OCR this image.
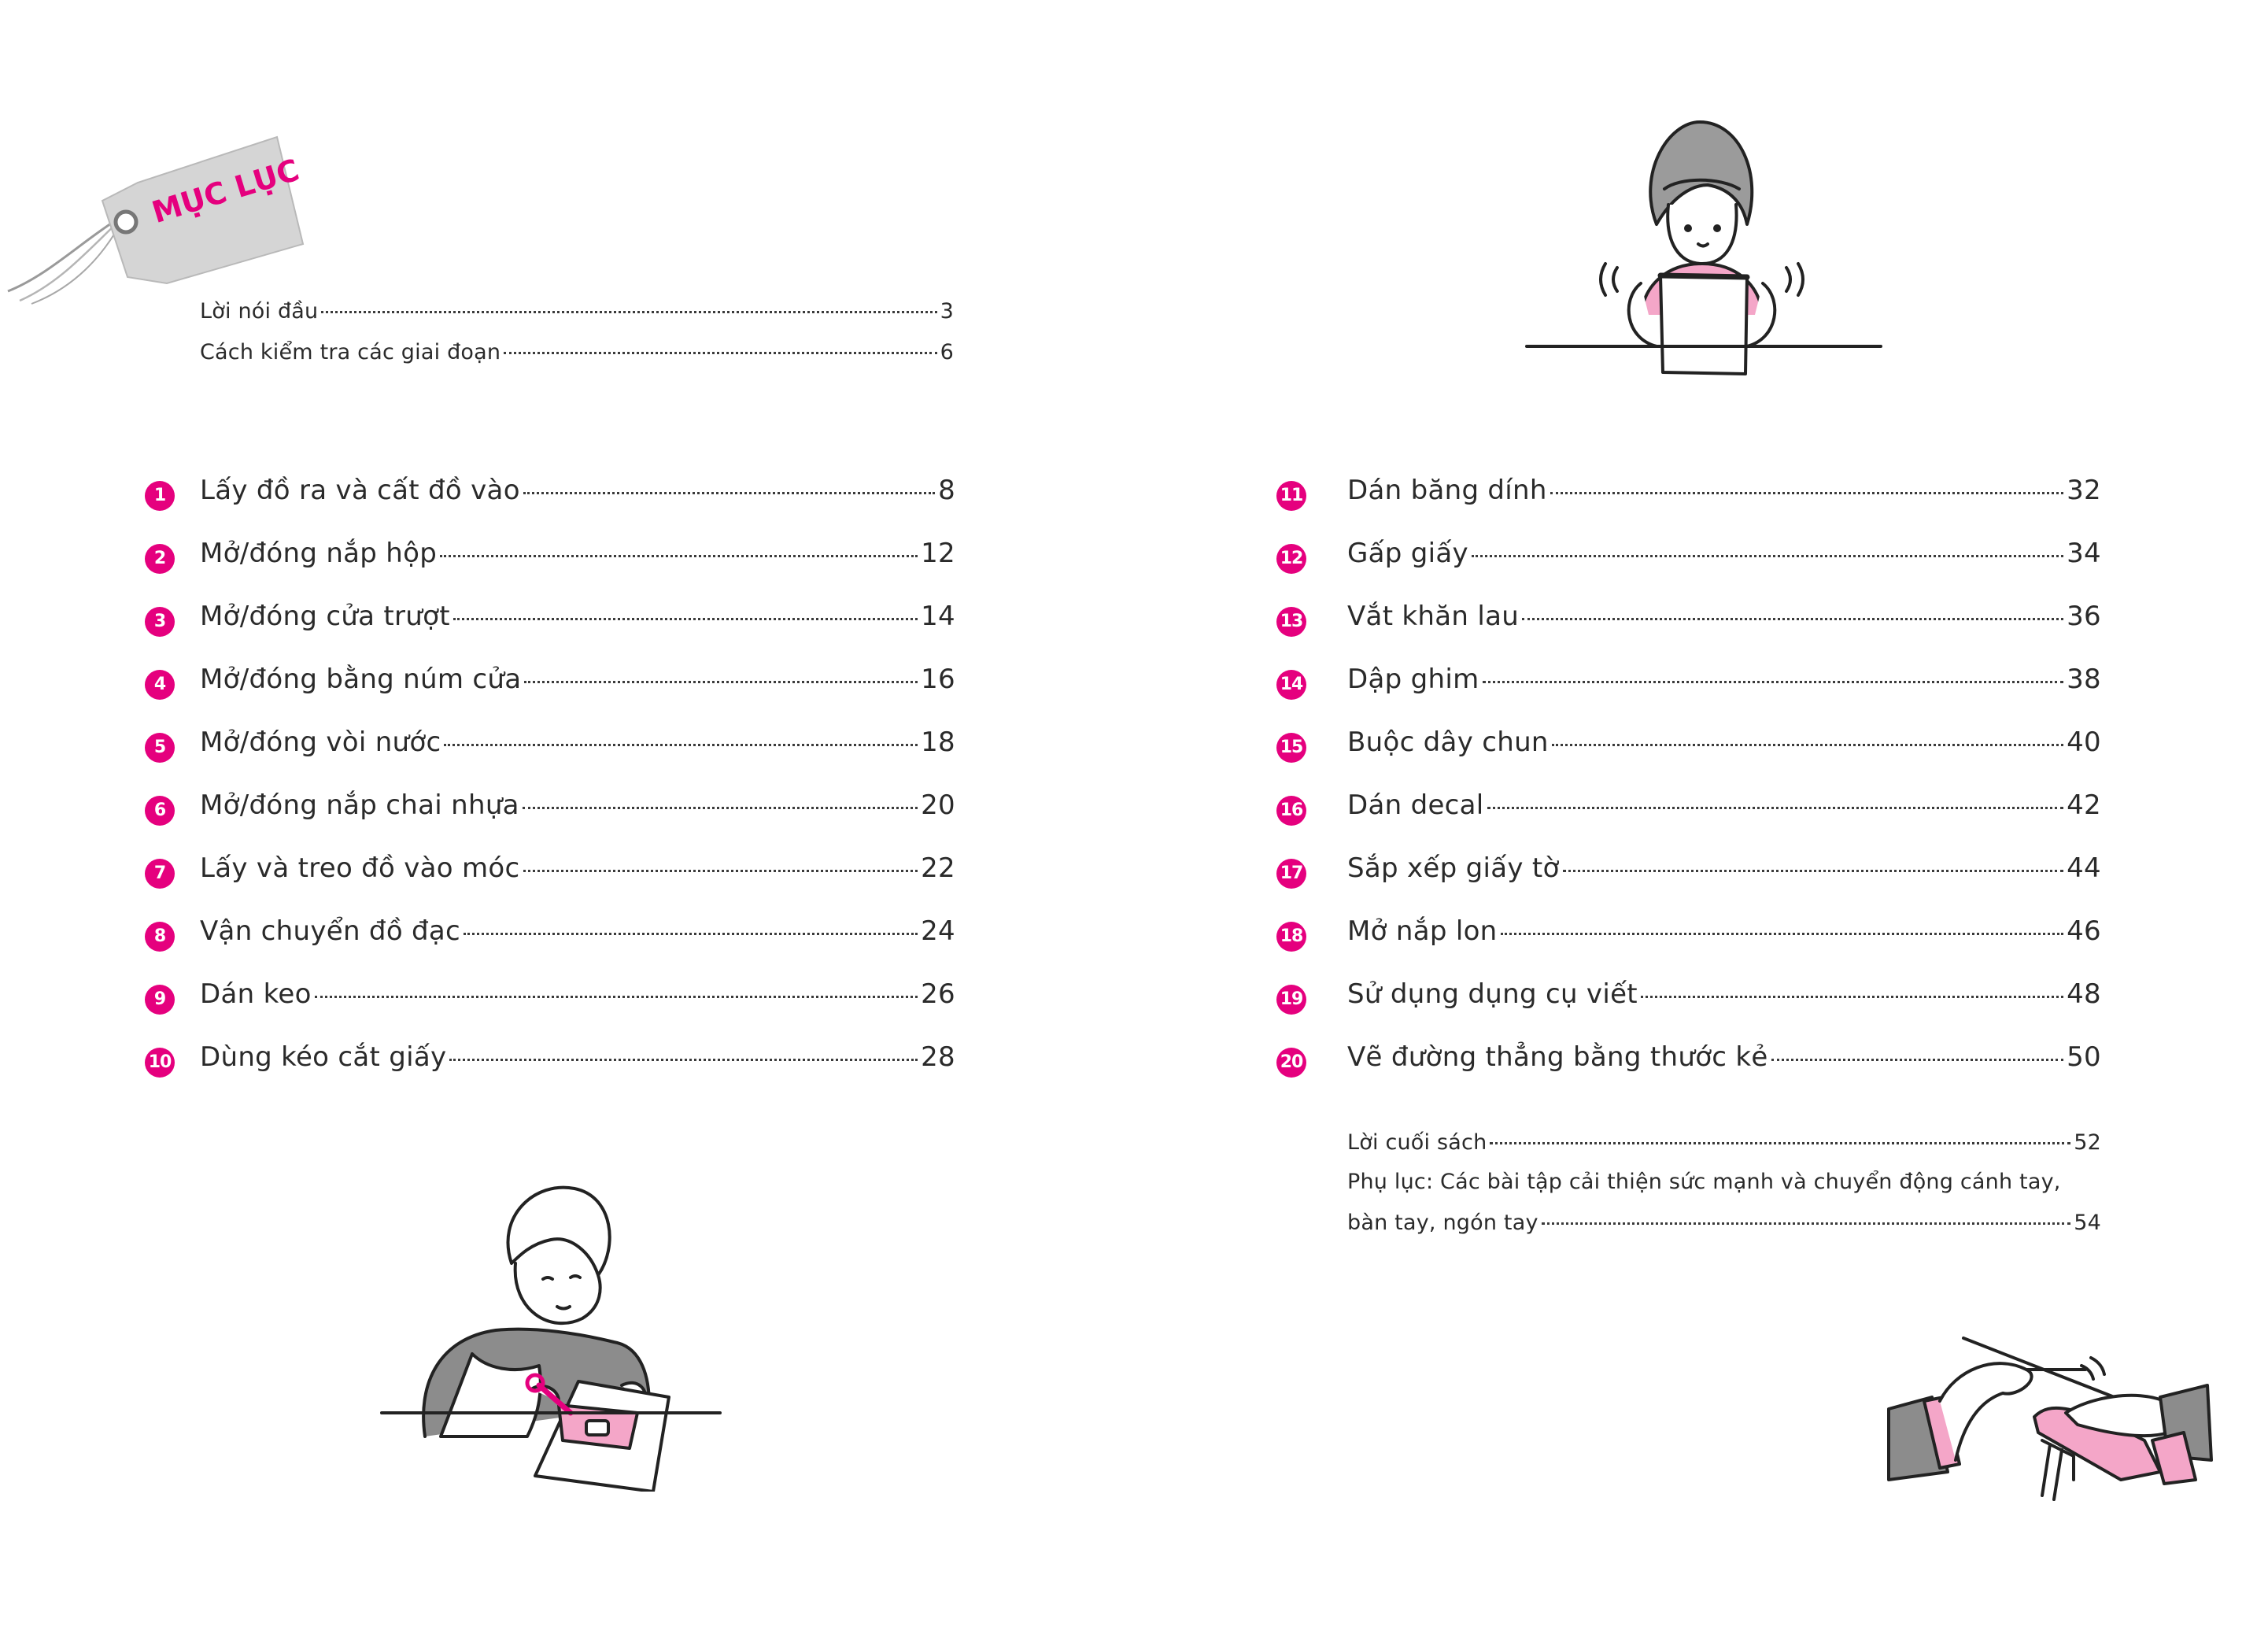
MỤC LỤC
Lời nói đầu	3
Cách kiểm tra các giai đoạn	6
1	Lấy đồ ra và cất đồ vào	8
2	Mở/đóng nắp hộp	12
3	Mở/đóng cửa trượt	14
4	Mở/đóng bằng núm cửa	16
5	Mở/đóng vòi nước	18
6	Mở/đóng nắp chai nhựa	20
7	Lấy và treo đồ vào móc	22
8	Vận chuyển đồ đạc	24
9	Dán keo	26
10 Dùng kéo cắt giấy	28
11 Dán băng dính	32
12 Gấp giấy	34
13 Vắt khăn lau	36
14 Dập ghim	38
15 Buộc dây chun	40
16 Dán decal	42
17 Sắp xếp giấy tờ	44
18 Mở nắp lon	46
19 Sử dụng dụng cụ viết	48
20 Vẽ đường thẳng bằng thước kẻ	50
Lời cuối sách	52
Phụ lục: Các bài tập cải thiện sức mạnh và chuyển động cánh tay,
bàn tay, ngón tay	54
